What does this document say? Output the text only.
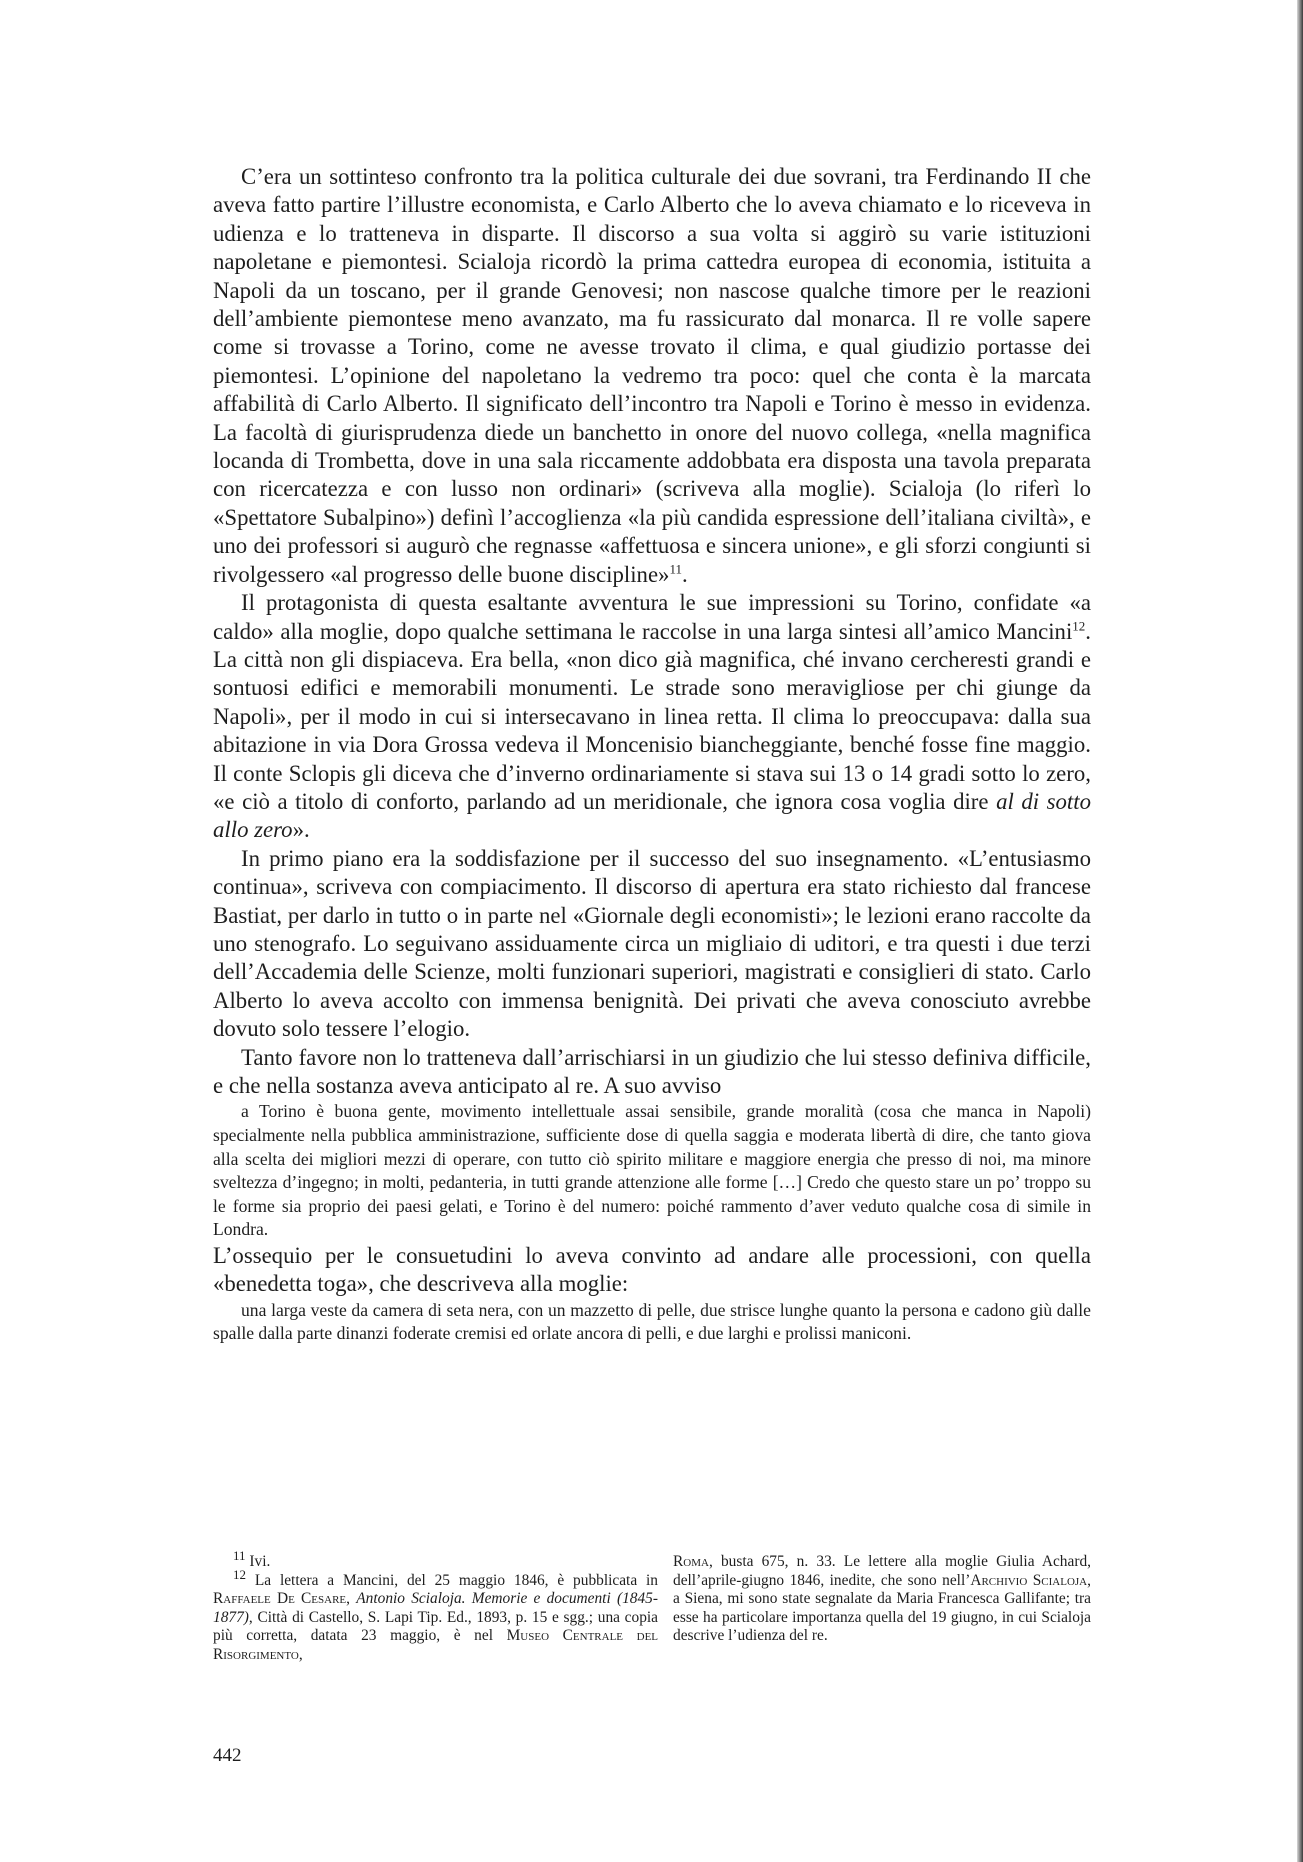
C’era un sottinteso confronto tra la politica culturale dei due sovrani, tra Ferdinando II che aveva fatto partire l’illustre economista, e Carlo Alberto che lo aveva chiamato e lo riceveva in udienza e lo tratteneva in disparte. Il discorso a sua volta si aggirò su varie istituzioni napoletane e piemontesi. Scialoja ricordò la prima cattedra europea di economia, istituita a Napoli da un toscano, per il grande Genovesi; non nascose qualche timore per le reazioni dell’ambiente piemontese meno avanzato, ma fu rassicurato dal monarca. Il re volle sapere come si trovasse a Torino, come ne avesse trovato il clima, e qual giudizio portasse dei piemontesi. L’opinione del napoletano la vedremo tra poco: quel che conta è la marcata affabilità di Carlo Alberto. Il significato dell’incontro tra Napoli e Torino è messo in evidenza. La facoltà di giurisprudenza diede un banchetto in onore del nuovo collega, «nella magnifica locanda di Trombetta, dove in una sala riccamente addobbata era disposta una tavola preparata con ricercatezza e con lusso non ordinari» (scriveva alla moglie). Scialoja (lo riferì lo «Spettatore Subalpino») definì l’accoglienza «la più candida espressione dell’italiana civiltà», e uno dei professori si augurò che regnasse «affettuosa e sincera unione», e gli sforzi congiunti si rivolgessero «al progresso delle buone discipline»$^{11}$.

Il protagonista di questa esaltante avventura le sue impressioni su Torino, confidate «a caldo» alla moglie, dopo qualche settimana le raccolse in una larga sintesi all’amico Mancini$^{12}$. La città non gli dispiaceva. Era bella, «non dico già magnifica, ché invano cercheresti grandi e sontuosi edifici e memorabili monumenti. Le strade sono meravigliose per chi giunge da Napoli», per il modo in cui si intersecavano in linea retta. Il clima lo preoccupava: dalla sua abitazione in via Dora Grossa vedeva il Moncenisio biancheggiante, benché fosse fine maggio. Il conte Sclopis gli diceva che d’inverno ordinariamente si stava sui 13 o 14 gradi sotto lo zero, «e ciò a titolo di conforto, parlando ad un meridionale, che ignora cosa voglia dire al di sotto allo zero».

In primo piano era la soddisfazione per il successo del suo insegnamento. «L’entusiasmo continua», scriveva con compiacimento. Il discorso di apertura era stato richiesto dal francese Bastiat, per darlo in tutto o in parte nel «Giornale degli economisti»; le lezioni erano raccolte da uno stenografo. Lo seguivano assiduamente circa un migliaio di uditori, e tra questi i due terzi dell’Accademia delle Scienze, molti funzionari superiori, magistrati e consiglieri di stato. Carlo Alberto lo aveva accolto con immensa benignità. Dei privati che aveva conosciuto avrebbe dovuto solo tessere l’elogio.

Tanto favore non lo tratteneva dall’arrischiarsi in un giudizio che lui stesso definiva difficile, e che nella sostanza aveva anticipato al re. A suo avviso

a Torino è buona gente, movimento intellettuale assai sensibile, grande moralità (cosa che manca in Napoli) specialmente nella pubblica amministrazione, sufficiente dose di quella saggia e moderata libertà di dire, che tanto giova alla scelta dei migliori mezzi di operare, con tutto ciò spirito militare e maggiore energia che presso di noi, ma minore sveltezza d’ingegno; in molti, pedanteria, in tutti grande attenzione alle forme […] Credo che questo stare un po’ troppo su le forme sia proprio dei paesi gelati, e Torino è del numero: poiché rammento d’aver veduto qualche cosa di simile in Londra.

L’ossequio per le consuetudini lo aveva convinto ad andare alle processioni, con quella «benedetta toga», che descriveva alla moglie:

una larga veste da camera di seta nera, con un mazzetto di pelle, due strisce lunghe quanto la persona e cadono giù dalle spalle dalla parte dinanzi foderate cremisi ed orlate ancora di pelli, e due larghi e prolissi maniconi.

$^{11}$ Ivi.

$^{12}$ La lettera a Mancini, del 25 maggio 1846, è pubblicata in Raffaele De Cesare, Antonio Scialoja. Memorie e documenti (1845-1877), Città di Castello, S. Lapi Tip. Ed., 1893, p. 15 e sgg.; una copia più corretta, datata 23 maggio, è nel Museo Centrale del Risorgimento,

Roma, busta 675, n. 33. Le lettere alla moglie Giulia Achard, dell’aprile-giugno 1846, inedite, che sono nell’Archivio Scialoja, a Siena, mi sono state segnalate da Maria Francesca Gallifante; tra esse ha particolare importanza quella del 19 giugno, in cui Scialoja descrive l’udienza del re.

442
